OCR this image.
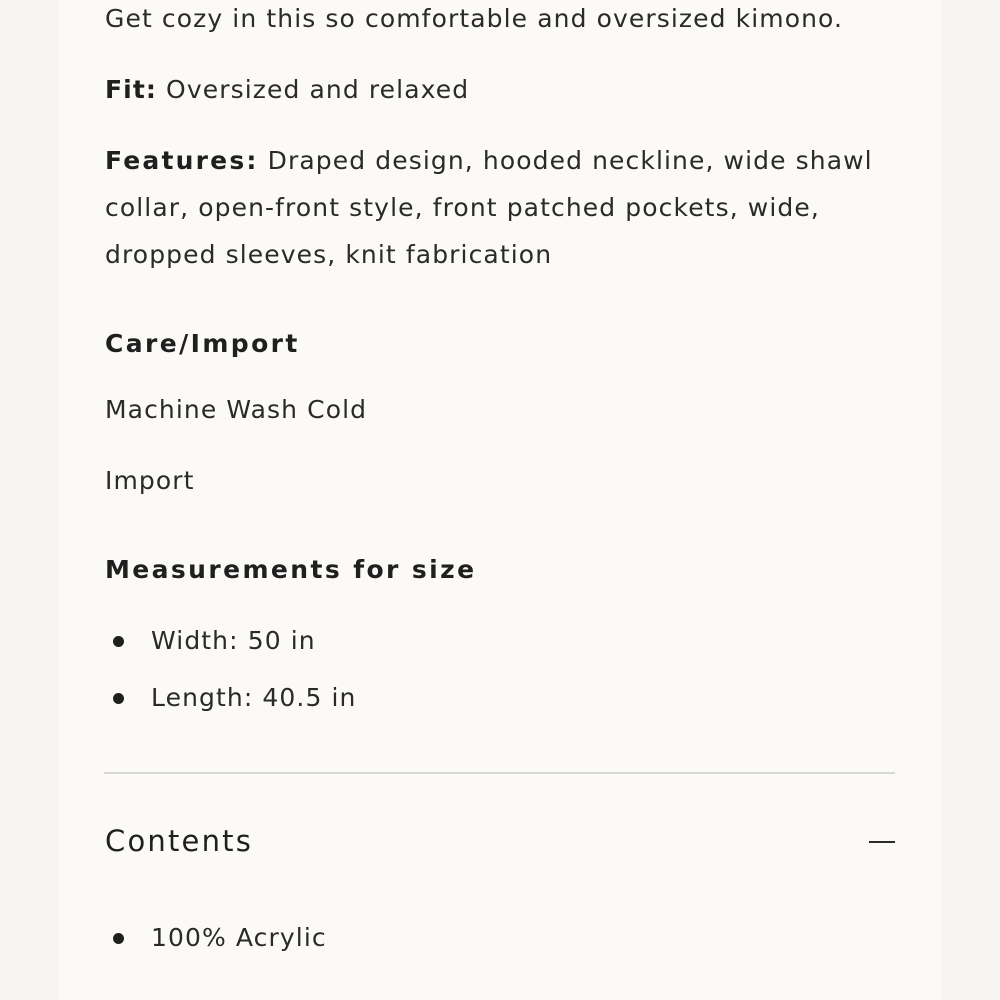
Get cozy in this so comfortable and oversized kimono.

Fit: Oversized and relaxed

Features: Draped design, hooded neckline, wide shawl collar, open-front style, front patched pockets, wide, dropped sleeves, knit fabrication

Care/Import

Machine Wash Cold

Import

Measurements for size
Width: 50 in
Length: 40.5 in
Contents
100% Acrylic
